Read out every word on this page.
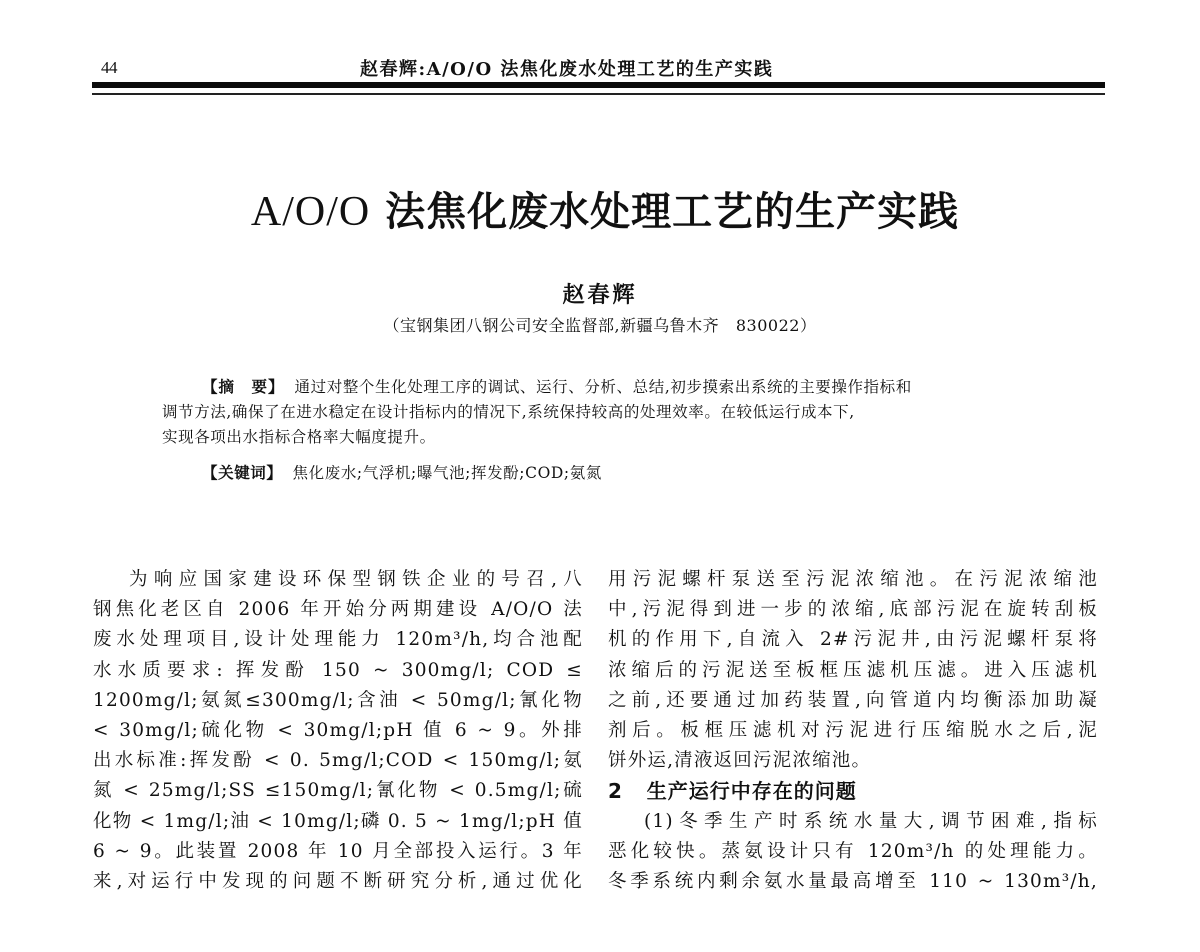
44	赵春辉:A/O/O 法焦化废水处理工艺的生产实践
A/O/O 法焦化废水处理工艺的生产实践
赵春辉
（宝钢集团八钢公司安全监督部,新疆乌鲁木齐   830022）
【摘　要】 通过对整个生化处理工序的调试、运行、分析、总结,初步摸索出系统的主要操作指标和
调节方法,确保了在进水稳定在设计指标内的情况下,系统保持较高的处理效率。在较低运行成本下,
实现各项出水指标合格率大幅度提升。
【关键词】 焦化废水;气浮机;曝气池;挥发酚;COD;氨氮
为响应国家建设环保型钢铁企业的号召,八
钢焦化老区自 2006 年开始分两期建设 A/O/O 法
废水处理项目,设计处理能力 120m³/h,均合池配
水水质要求: 挥发酚 150 ~ 300mg/l; COD ≤
1200mg/l;氨氮≤300mg/l;含油 < 50mg/l;氰化物
< 30mg/l;硫化物 < 30mg/l;pH 值 6 ~ 9。外排
出水标准:挥发酚 < 0. 5mg/l;COD < 150mg/l;氨
氮 < 25mg/l;SS ≤150mg/l;氰化物 < 0.5mg/l;硫
化物 < 1mg/l;油 < 10mg/l;磷 0. 5 ~ 1mg/l;pH 值
6 ~ 9。此装置 2008 年 10 月全部投入运行。3 年
来,对运行中发现的问题不断研究分析,通过优化
用污泥螺杆泵送至污泥浓缩池。在污泥浓缩池
中,污泥得到进一步的浓缩,底部污泥在旋转刮板
机的作用下,自流入 2#污泥井,由污泥螺杆泵将
浓缩后的污泥送至板框压滤机压滤。进入压滤机
之前,还要通过加药装置,向管道内均衡添加助凝
剂后。板框压滤机对污泥进行压缩脱水之后,泥
饼外运,清液返回污泥浓缩池。
2   生产运行中存在的问题
(1)冬季生产时系统水量大,调节困难,指标
恶化较快。蒸氨设计只有 120m³/h 的处理能力。
冬季系统内剩余氨水量最高增至 110 ~ 130m³/h,
